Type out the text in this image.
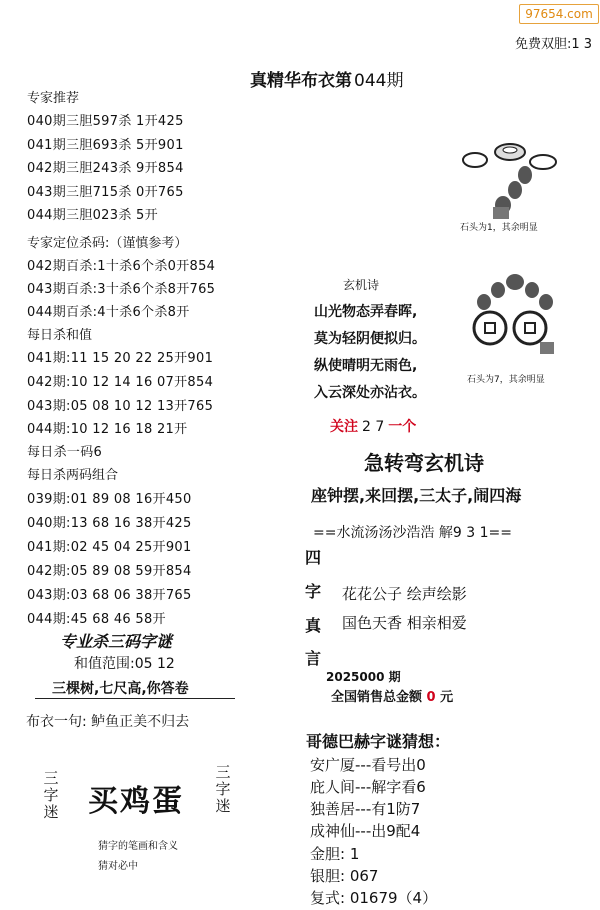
97654.com
免费双胆:1 3
真精华布衣第 044期
专家推荐
040期三胆597杀 1开425
041期三胆693杀 5开901
042期三胆243杀 9开854
043期三胆715杀 0开765
044期三胆023杀 5开
专家定位杀码:（谨慎参考）
042期百杀:1十杀6个杀0开854
043期百杀:3十杀6个杀8开765
044期百杀:4十杀6个杀8开
每日杀和值
041期:11 15 20 22 25开901
042期:10 12 14 16 07开854
043期:05 08 10 12 13开765
044期:10 12 16 18 21开
每日杀一码6
每日杀两码组合
039期:01 89 08 16开450
040期:13 68 16 38开425
041期:02 45 04 25开901
042期:05 89 08 59开854
043期:03 68 06 38开765
044期:45 68 46 58开
专业杀三码字谜
和值范围:05 12
三棵树,七尺高,你答卷
布衣一句: 鲈鱼正美不归去
三字迷 买鸡蛋
三字迷
猜字的笔画和含义
猜对必中
石头为1，其余明显
石头为7，其余明显
玄机诗
山光物态弄春晖,
莫为轻阴便拟归。
纵使晴明无雨色,
入云深处亦沾衣。
关注 2 7 一个
急转弯玄机诗
座钟摆,来回摆,三太子,闹四海
==水流汤汤沙浩浩 解9 3 1==
四
字
真
言
花花公子 绘声绘影
国色天香 相亲相爱
2025000 期
全国销售总金额 0 元
哥德巴赫字谜猜想：
安广厦---看号出0
庇人间---解字看6
独善居---有1防7
成神仙---出9配4
金胆: 1
银胆: 067
复式: 01679（4）
